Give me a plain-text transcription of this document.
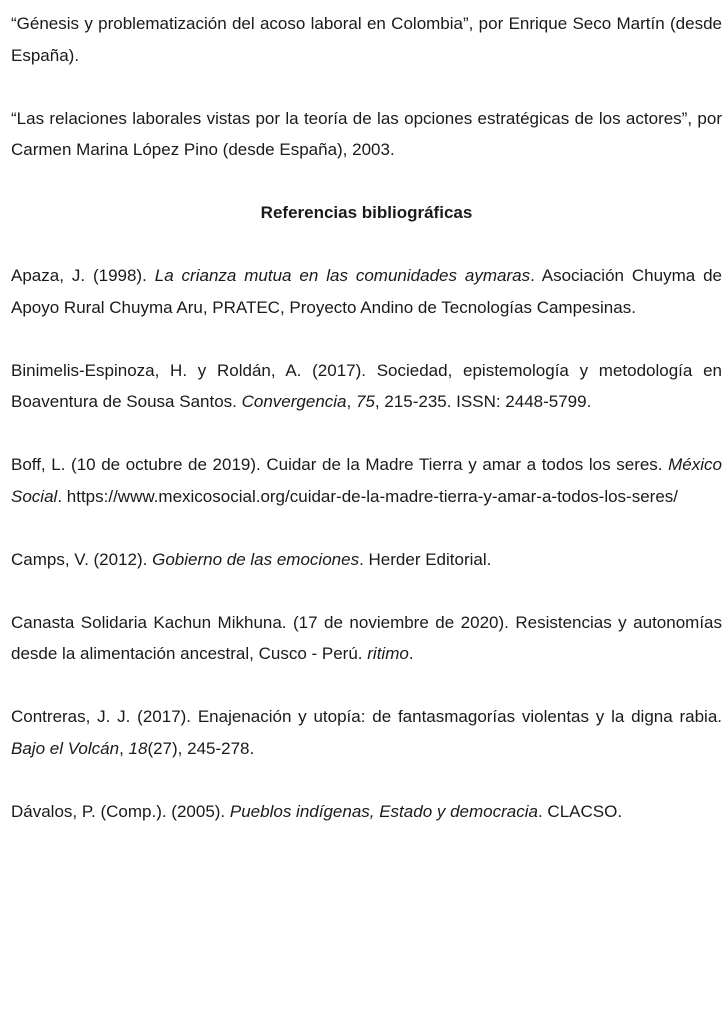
“Génesis y problematización del acoso laboral en Colombia”, por Enrique Seco Martín (desde España).

“Las relaciones laborales vistas por la teoría de las opciones estratégicas de los actores”, por Carmen Marina López Pino (desde España), 2003.

Referencias bibliográficas

Apaza, J. (1998). La crianza mutua en las comunidades aymaras. Asociación Chuyma de Apoyo Rural Chuyma Aru, PRATEC, Proyecto Andino de Tecnologías Campesinas.

Binimelis-Espinoza, H. y Roldán, A. (2017). Sociedad, epistemología y metodología en Boaventura de Sousa Santos. Convergencia, 75, 215-235. ISSN: 2448-5799.

Boff, L. (10 de octubre de 2019). Cuidar de la Madre Tierra y amar a todos los seres. México Social. https://www.mexicosocial.org/cuidar-de-la-madre-tierra-y-amar-a-todos-los-seres/

Camps, V. (2012). Gobierno de las emociones. Herder Editorial.

Canasta Solidaria Kachun Mikhuna. (17 de noviembre de 2020). Resistencias y autonomías desde la alimentación ancestral, Cusco - Perú. ritimo.

Contreras, J. J. (2017). Enajenación y utopía: de fantasmagorías violentas y la digna rabia. Bajo el Volcán, 18(27), 245-278.

Dávalos, P. (Comp.). (2005). Pueblos indígenas, Estado y democracia. CLACSO.
